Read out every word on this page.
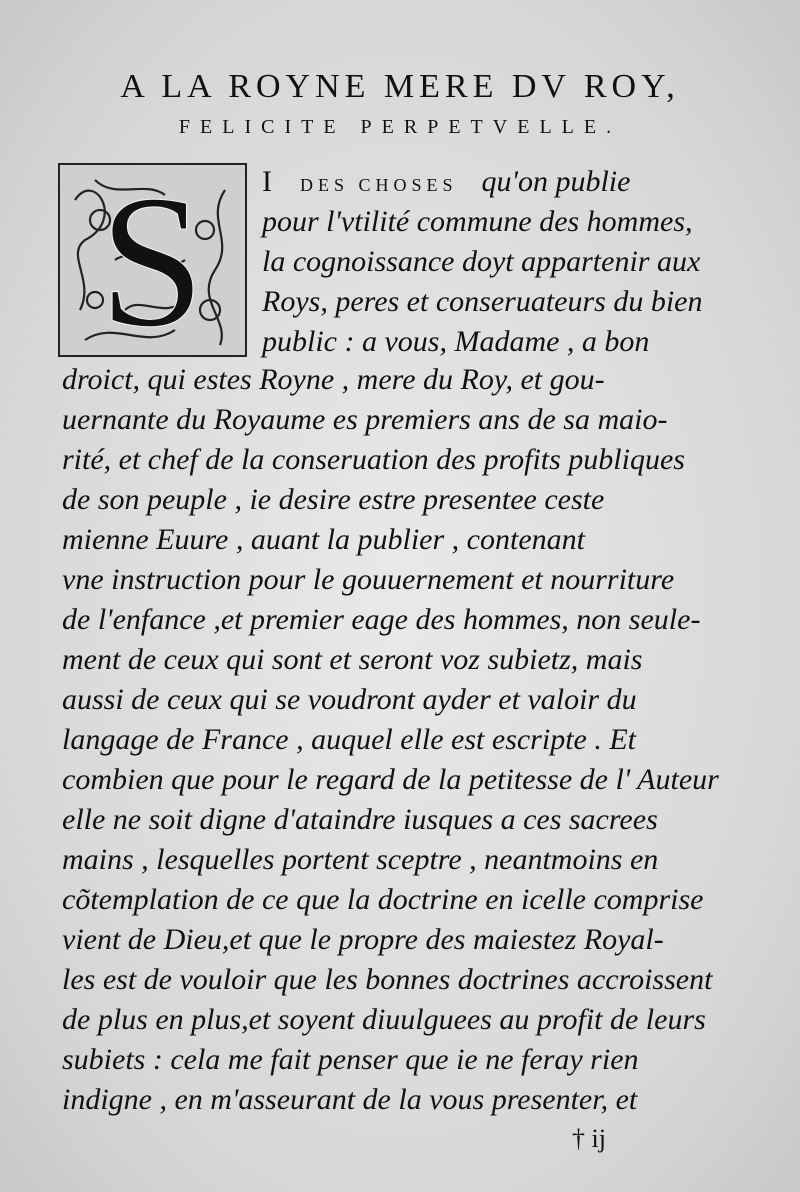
A LA ROYNE MERE DV ROY,
FELICITE PERPETVELLE.
S I DES CHOSES qu'on publie
pour l'vtilité commune des hommes,
la cognoissance doyt appartenir aux
Roys, peres et conseruateurs du bien
public : a vous, Madame , a bon
droict, qui estes Royne , mere du Roy, et gou-
uernante du Royaume es premiers ans de sa maio-
rité, et chef de la conseruation des profits publiques
de son peuple , ie desire estre presentee ceste
mienne Euure , auant la publier , contenant
vne instruction pour le gouuernement et nourriture
de l'enfance ,et premier eage des hommes, non seule-
ment de ceux qui sont et seront voz subietz, mais
aussi de ceux qui se voudront ayder et valoir du
langage de France , auquel elle est escripte . Et
combien que pour le regard de la petitesse de l' Auteur
elle ne soit digne d'ataindre iusques a ces sacrees
mains , lesquelles portent sceptre , neantmoins en
cõtemplation de ce que la doctrine en icelle comprise
vient de Dieu,et que le propre des maiestez Royal-
les est de vouloir que les bonnes doctrines accroissent
de plus en plus,et soyent diuulguees au profit de leurs
subiets : cela me fait penser que ie ne feray rien
indigne , en m'asseurant de la vous presenter, et
† ij
